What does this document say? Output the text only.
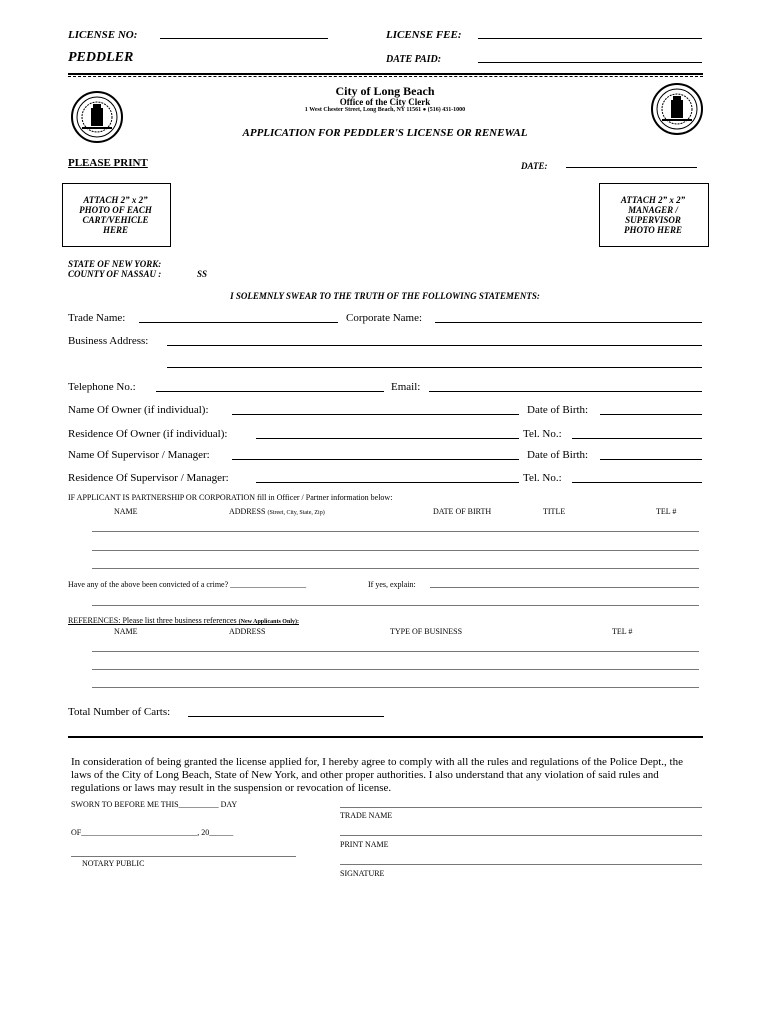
LICENSE NO:	LICENSE FEE:
PEDDLER	DATE PAID:
City of Long Beach
Office of the City Clerk
1 West Chester Street, Long Beach, NY 11561 ● (516) 431-1000
APPLICATION FOR PEDDLER'S LICENSE OR RENEWAL
PLEASE PRINT	DATE:
ATTACH 2” x 2”
PHOTO OF EACH
CART/VEHICLE
HERE
ATTACH 2” x 2”
MANAGER /
SUPERVISOR
PHOTO HERE
STATE OF NEW YORK:
COUNTY OF NASSAU :	SS
I SOLEMNLY SWEAR TO THE TRUTH OF THE FOLLOWING STATEMENTS:
Trade Name:	Corporate Name:
Business Address:
Telephone No.:	Email:
Name Of Owner (if individual):	Date of Birth:
Residence Of Owner (if individual):	Tel. No.:
Name Of Supervisor / Manager:	Date of Birth:
Residence Of Supervisor / Manager:	Tel. No.:
IF APPLICANT IS PARTNERSHIP OR CORPORATION fill in Officer / Partner information below:
NAME	ADDRESS (Street, City, State, Zip)	DATE OF BIRTH	TITLE	TEL #
Have any of the above been convicted of a crime? ___________________	If yes, explain:
REFERENCES: Please list three business references (New Applicants Only):
NAME	ADDRESS	TYPE OF BUSINESS	TEL #
Total Number of Carts:
In consideration of being granted the license applied for, I hereby agree to comply with all the rules and regulations of the Police Dept., the laws of the City of Long Beach, State of New York, and other proper authorities. I also understand that any violation of said rules and regulations or laws may result in the suspension or revocation of license.
SWORN TO BEFORE ME THIS__________ DAY
TRADE NAME
OF_____________________________, 20______
PRINT NAME
NOTARY PUBLIC
SIGNATURE
